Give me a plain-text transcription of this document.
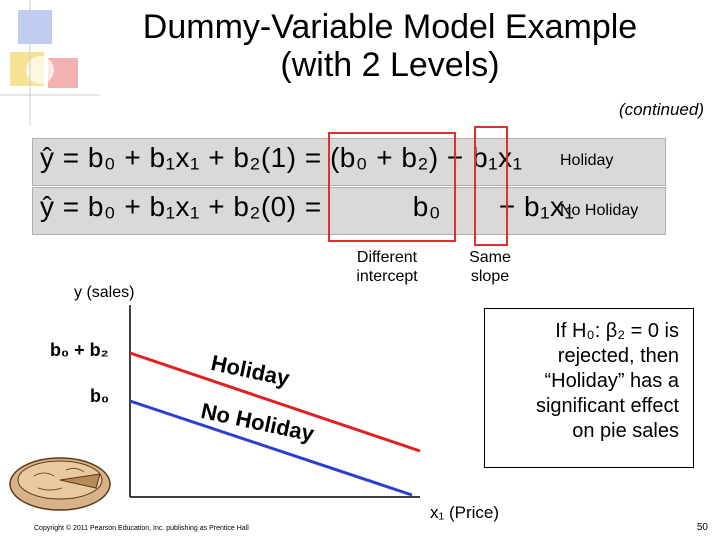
Dummy-Variable Model Example
(with 2 Levels)
(continued)
ŷ = b₀ + b₁x₁ + b₂(1) = (b₀ + b₂) + b₁x₁ Holiday
ŷ = b₀ + b₁x₁ + b₂(0) =           b₀       + b₁x₁
No Holiday
Different
intercept
Same
slope
y (sales)
b₀ + b₂
b₀
Holiday
No Holiday
x₁ (Price)
If H₀: β₂ = 0 is
rejected, then
“Holiday” has a
significant effect
on pie sales
Copyright © 2011 Pearson Education, Inc. publishing as Prentice Hall	50
